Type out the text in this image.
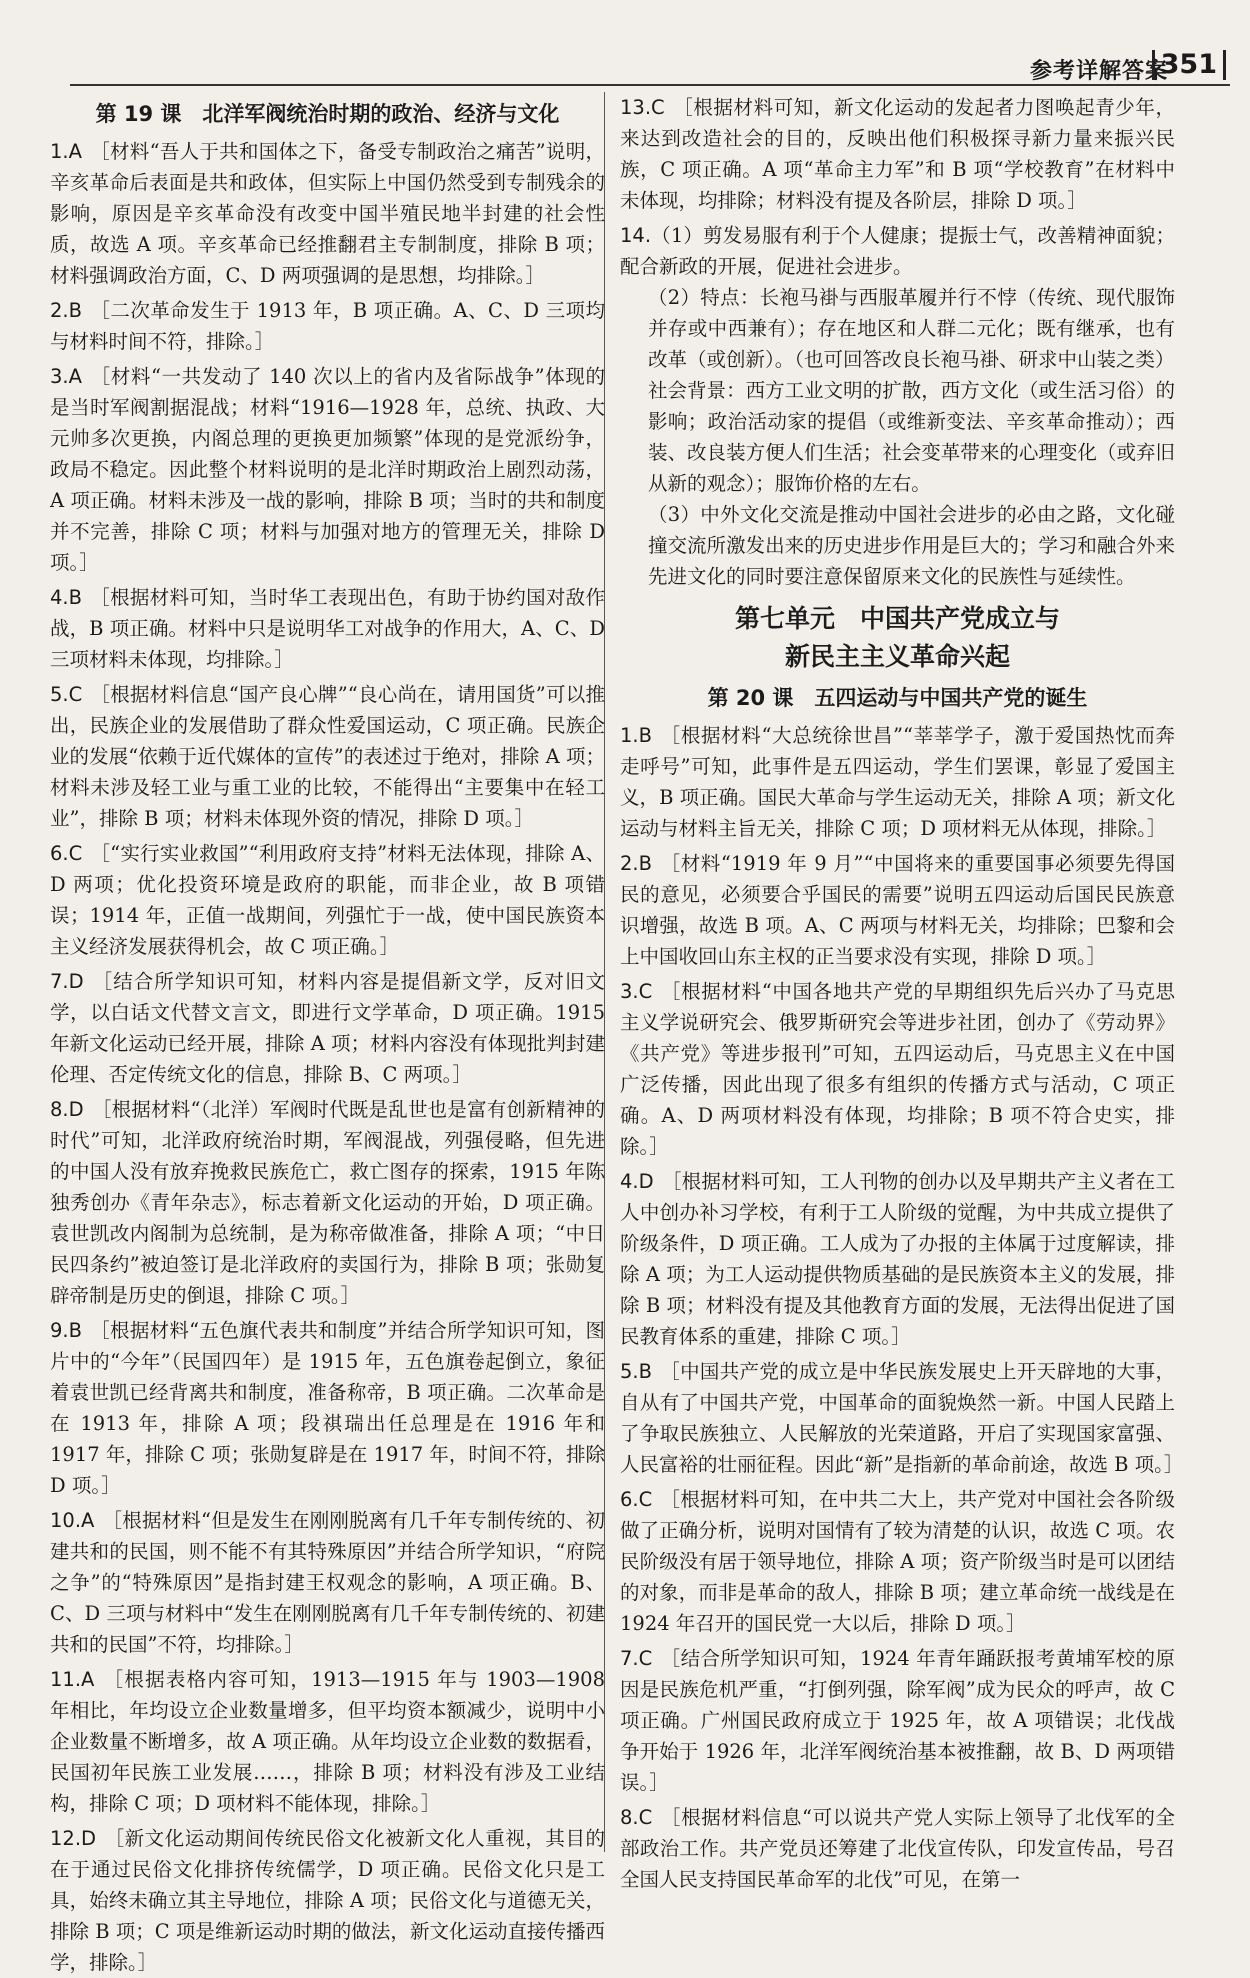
参考详解答案
351
第 19 课　北洋军阀统治时期的政治、经济与文化
1.A ［材料“吾人于共和国体之下，备受专制政治之痛苦”说明，辛亥革命后表面是共和政体，但实际上中国仍然受到专制残余的影响，原因是辛亥革命没有改变中国半殖民地半封建的社会性质，故选 A 项。辛亥革命已经推翻君主专制制度，排除 B 项；材料强调政治方面，C、D 两项强调的是思想，均排除。］
2.B ［二次革命发生于 1913 年，B 项正确。A、C、D 三项均与材料时间不符，排除。］
3.A ［材料“一共发动了 140 次以上的省内及省际战争”体现的是当时军阀割据混战；材料“1916—1928 年，总统、执政、大元帅多次更换，内阁总理的更换更加频繁”体现的是党派纷争，政局不稳定。因此整个材料说明的是北洋时期政治上剧烈动荡，A 项正确。材料未涉及一战的影响，排除 B 项；当时的共和制度并不完善，排除 C 项；材料与加强对地方的管理无关，排除 D 项。］
4.B ［根据材料可知，当时华工表现出色，有助于协约国对敌作战，B 项正确。材料中只是说明华工对战争的作用大，A、C、D 三项材料未体现，均排除。］
5.C ［根据材料信息“国产良心牌”“良心尚在，请用国货”可以推出，民族企业的发展借助了群众性爱国运动，C 项正确。民族企业的发展“依赖于近代媒体的宣传”的表述过于绝对，排除 A 项；材料未涉及轻工业与重工业的比较，不能得出“主要集中在轻工业”，排除 B 项；材料未体现外资的情况，排除 D 项。］
6.C ［“实行实业救国”“利用政府支持”材料无法体现，排除 A、D 两项；优化投资环境是政府的职能，而非企业，故 B 项错误；1914 年，正值一战期间，列强忙于一战，使中国民族资本主义经济发展获得机会，故 C 项正确。］
7.D ［结合所学知识可知，材料内容是提倡新文学，反对旧文学，以白话文代替文言文，即进行文学革命，D 项正确。1915 年新文化运动已经开展，排除 A 项；材料内容没有体现批判封建伦理、否定传统文化的信息，排除 B、C 两项。］
8.D ［根据材料“（北洋）军阀时代既是乱世也是富有创新精神的时代”可知，北洋政府统治时期，军阀混战，列强侵略，但先进的中国人没有放弃挽救民族危亡，救亡图存的探索，1915 年陈独秀创办《青年杂志》，标志着新文化运动的开始，D 项正确。袁世凯改内阁制为总统制，是为称帝做准备，排除 A 项；“中日民四条约”被迫签订是北洋政府的卖国行为，排除 B 项；张勋复辟帝制是历史的倒退，排除 C 项。］
9.B ［根据材料“五色旗代表共和制度”并结合所学知识可知，图片中的“今年”（民国四年）是 1915 年，五色旗卷起倒立，象征着袁世凯已经背离共和制度，准备称帝，B 项正确。二次革命是在 1913 年，排除 A 项；段祺瑞出任总理是在 1916 年和 1917 年，排除 C 项；张勋复辟是在 1917 年，时间不符，排除 D 项。］
10.A ［根据材料“但是发生在刚刚脱离有几千年专制传统的、初建共和的民国，则不能不有其特殊原因”并结合所学知识，“府院之争”的“特殊原因”是指封建王权观念的影响，A 项正确。B、C、D 三项与材料中“发生在刚刚脱离有几千年专制传统的、初建共和的民国”不符，均排除。］
11.A ［根据表格内容可知，1913—1915 年与 1903—1908 年相比，年均设立企业数量增多，但平均资本额减少，说明中小企业数量不断增多，故 A 项正确。从年均设立企业数的数据看，民国初年民族工业发展……，排除 B 项；材料没有涉及工业结构，排除 C 项；D 项材料不能体现，排除。］
12.D ［新文化运动期间传统民俗文化被新文化人重视，其目的在于通过民俗文化排挤传统儒学，D 项正确。民俗文化只是工具，始终未确立其主导地位，排除 A 项；民俗文化与道德无关，排除 B 项；C 项是维新运动时期的做法，新文化运动直接传播西学，排除。］
13.C ［根据材料可知，新文化运动的发起者力图唤起青少年，来达到改造社会的目的，反映出他们积极探寻新力量来振兴民族，C 项正确。A 项“革命主力军”和 B 项“学校教育”在材料中未体现，均排除；材料没有提及各阶层，排除 D 项。］
14.（1）剪发易服有利于个人健康；提振士气，改善精神面貌；配合新政的开展，促进社会进步。
（2）特点：长袍马褂与西服革履并行不悖（传统、现代服饰并存或中西兼有）；存在地区和人群二元化；既有继承，也有改革（或创新）。（也可回答改良长袍马褂、研求中山装之类）
社会背景：西方工业文明的扩散，西方文化（或生活习俗）的影响；政治活动家的提倡（或维新变法、辛亥革命推动）；西装、改良装方便人们生活；社会变革带来的心理变化（或弃旧从新的观念）；服饰价格的左右。
（3）中外文化交流是推动中国社会进步的必由之路，文化碰撞交流所激发出来的历史进步作用是巨大的；学习和融合外来先进文化的同时要注意保留原来文化的民族性与延续性。
第七单元　中国共产党成立与
新民主主义革命兴起
第 20 课　五四运动与中国共产党的诞生
1.B ［根据材料“大总统徐世昌”“莘莘学子，激于爱国热忱而奔走呼号”可知，此事件是五四运动，学生们罢课，彰显了爱国主义，B 项正确。国民大革命与学生运动无关，排除 A 项；新文化运动与材料主旨无关，排除 C 项；D 项材料无从体现，排除。］
2.B ［材料“1919 年 9 月”“中国将来的重要国事必须要先得国民的意见，必须要合乎国民的需要”说明五四运动后国民民族意识增强，故选 B 项。A、C 两项与材料无关，均排除；巴黎和会上中国收回山东主权的正当要求没有实现，排除 D 项。］
3.C ［根据材料“中国各地共产党的早期组织先后兴办了马克思主义学说研究会、俄罗斯研究会等进步社团，创办了《劳动界》《共产党》等进步报刊”可知，五四运动后，马克思主义在中国广泛传播，因此出现了很多有组织的传播方式与活动，C 项正确。A、D 两项材料没有体现，均排除；B 项不符合史实，排除。］
4.D ［根据材料可知，工人刊物的创办以及早期共产主义者在工人中创办补习学校，有利于工人阶级的觉醒，为中共成立提供了阶级条件，D 项正确。工人成为了办报的主体属于过度解读，排除 A 项；为工人运动提供物质基础的是民族资本主义的发展，排除 B 项；材料没有提及其他教育方面的发展，无法得出促进了国民教育体系的重建，排除 C 项。］
5.B ［中国共产党的成立是中华民族发展史上开天辟地的大事，自从有了中国共产党，中国革命的面貌焕然一新。中国人民踏上了争取民族独立、人民解放的光荣道路，开启了实现国家富强、人民富裕的壮丽征程。因此“新”是指新的革命前途，故选 B 项。］
6.C ［根据材料可知，在中共二大上，共产党对中国社会各阶级做了正确分析，说明对国情有了较为清楚的认识，故选 C 项。农民阶级没有居于领导地位，排除 A 项；资产阶级当时是可以团结的对象，而非是革命的敌人，排除 B 项；建立革命统一战线是在 1924 年召开的国民党一大以后，排除 D 项。］
7.C ［结合所学知识可知，1924 年青年踊跃报考黄埔军校的原因是民族危机严重，“打倒列强，除军阀”成为民众的呼声，故 C 项正确。广州国民政府成立于 1925 年，故 A 项错误；北伐战争开始于 1926 年，北洋军阀统治基本被推翻，故 B、D 两项错误。］
8.C ［根据材料信息“可以说共产党人实际上领导了北伐军的全部政治工作。共产党员还筹建了北伐宣传队，印发宣传品，号召全国人民支持国民革命军的北伐”可见，在第一
